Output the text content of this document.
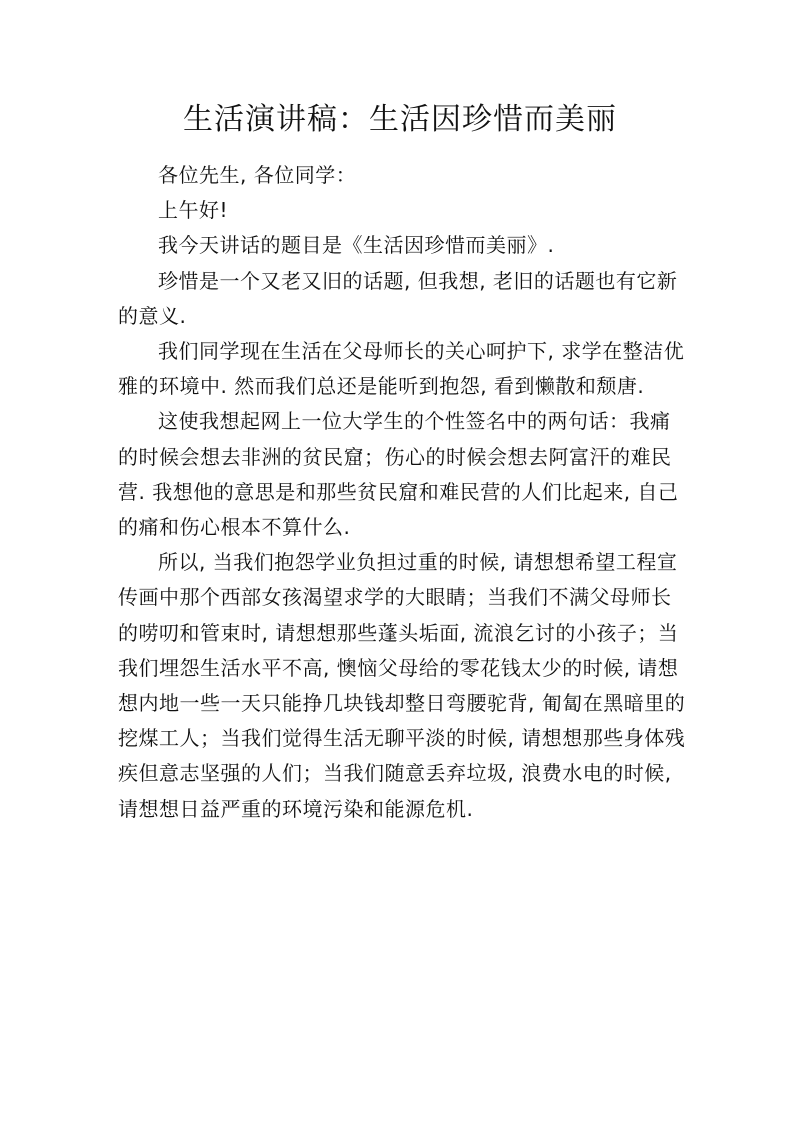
生活演讲稿：生活因珍惜而美丽

各位先生, 各位同学：

上午好!

我今天讲话的题目是《生活因珍惜而美丽》.

珍惜是一个又老又旧的话题, 但我想, 老旧的话题也有它新的意义.

我们同学现在生活在父母师长的关心呵护下, 求学在整洁优雅的环境中. 然而我们总还是能听到抱怨, 看到懒散和颓唐.

这使我想起网上一位大学生的个性签名中的两句话：我痛的时候会想去非洲的贫民窟；伤心的时候会想去阿富汗的难民营. 我想他的意思是和那些贫民窟和难民营的人们比起来, 自己的痛和伤心根本不算什么.

所以, 当我们抱怨学业负担过重的时候, 请想想希望工程宣传画中那个西部女孩渴望求学的大眼睛；当我们不满父母师长的唠叨和管束时, 请想想那些蓬头垢面, 流浪乞讨的小孩子；当我们埋怨生活水平不高, 懊恼父母给的零花钱太少的时候, 请想想内地一些一天只能挣几块钱却整日弯腰驼背, 匍匐在黑暗里的挖煤工人；当我们觉得生活无聊平淡的时候, 请想想那些身体残疾但意志坚强的人们；当我们随意丢弃垃圾, 浪费水电的时候, 请想想日益严重的环境污染和能源危机.
